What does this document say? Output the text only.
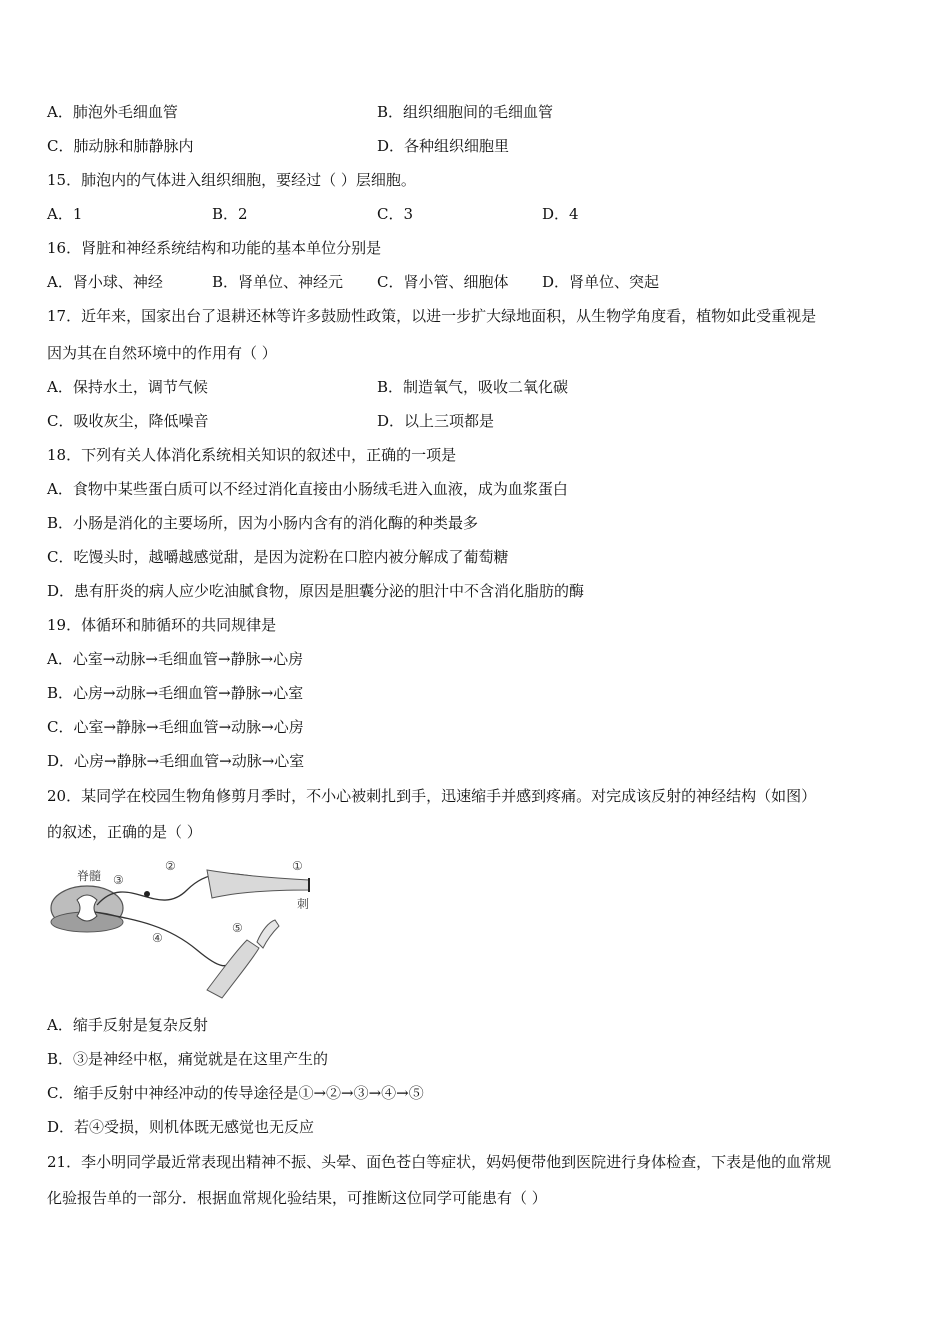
A．肺泡外毛细血管	B．组织细胞间的毛细血管
C．肺动脉和肺静脉内	D．各种组织细胞里
15．肺泡内的气体进入组织细胞，要经过（ ）层细胞。
A．1	B．2	C．3	D．4
16．肾脏和神经系统结构和功能的基本单位分别是
A．肾小球、神经	B．肾单位、神经元 C．肾小管、细胞体 D．肾单位、突起
17．近年来，国家出台了退耕还林等许多鼓励性政策，以进一步扩大绿地面积，从生物学角度看，植物如此受重视是
因为其在自然环境中的作用有（ ）
A．保持水土，调节气候	B．制造氧气，吸收二氧化碳
C．吸收灰尘，降低噪音	D．以上三项都是
18．下列有关人体消化系统相关知识的叙述中，正确的一项是
A．食物中某些蛋白质可以不经过消化直接由小肠绒毛进入血液，成为血浆蛋白
B．小肠是消化的主要场所，因为小肠内含有的消化酶的种类最多
C．吃馒头时，越嚼越感觉甜，是因为淀粉在口腔内被分解成了葡萄糖
D．患有肝炎的病人应少吃油腻食物，原因是胆囊分泌的胆汁中不含消化脂肪的酶
19．体循环和肺循环的共同规律是
A．心室→动脉→毛细血管→静脉→心房
B．心房→动脉→毛细血管→静脉→心室
C．心室→静脉→毛细血管→动脉→心房
D．心房→静脉→毛细血管→动脉→心室
20．某同学在校园生物角修剪月季时，不小心被刺扎到手，迅速缩手并感到疼痛。对完成该反射的神经结构（如图）
的叙述，正确的是（ ）
脊髓 ③
②	①
刺
④
⑤
A．缩手反射是复杂反射
B．③是神经中枢，痛觉就是在这里产生的
C．缩手反射中神经冲动的传导途径是①→②→③→④→⑤
D．若④受损，则机体既无感觉也无反应
21．李小明同学最近常表现出精神不振、头晕、面色苍白等症状，妈妈便带他到医院进行身体检查，下表是他的血常规
化验报告单的一部分．根据血常规化验结果，可推断这位同学可能患有（ ）
